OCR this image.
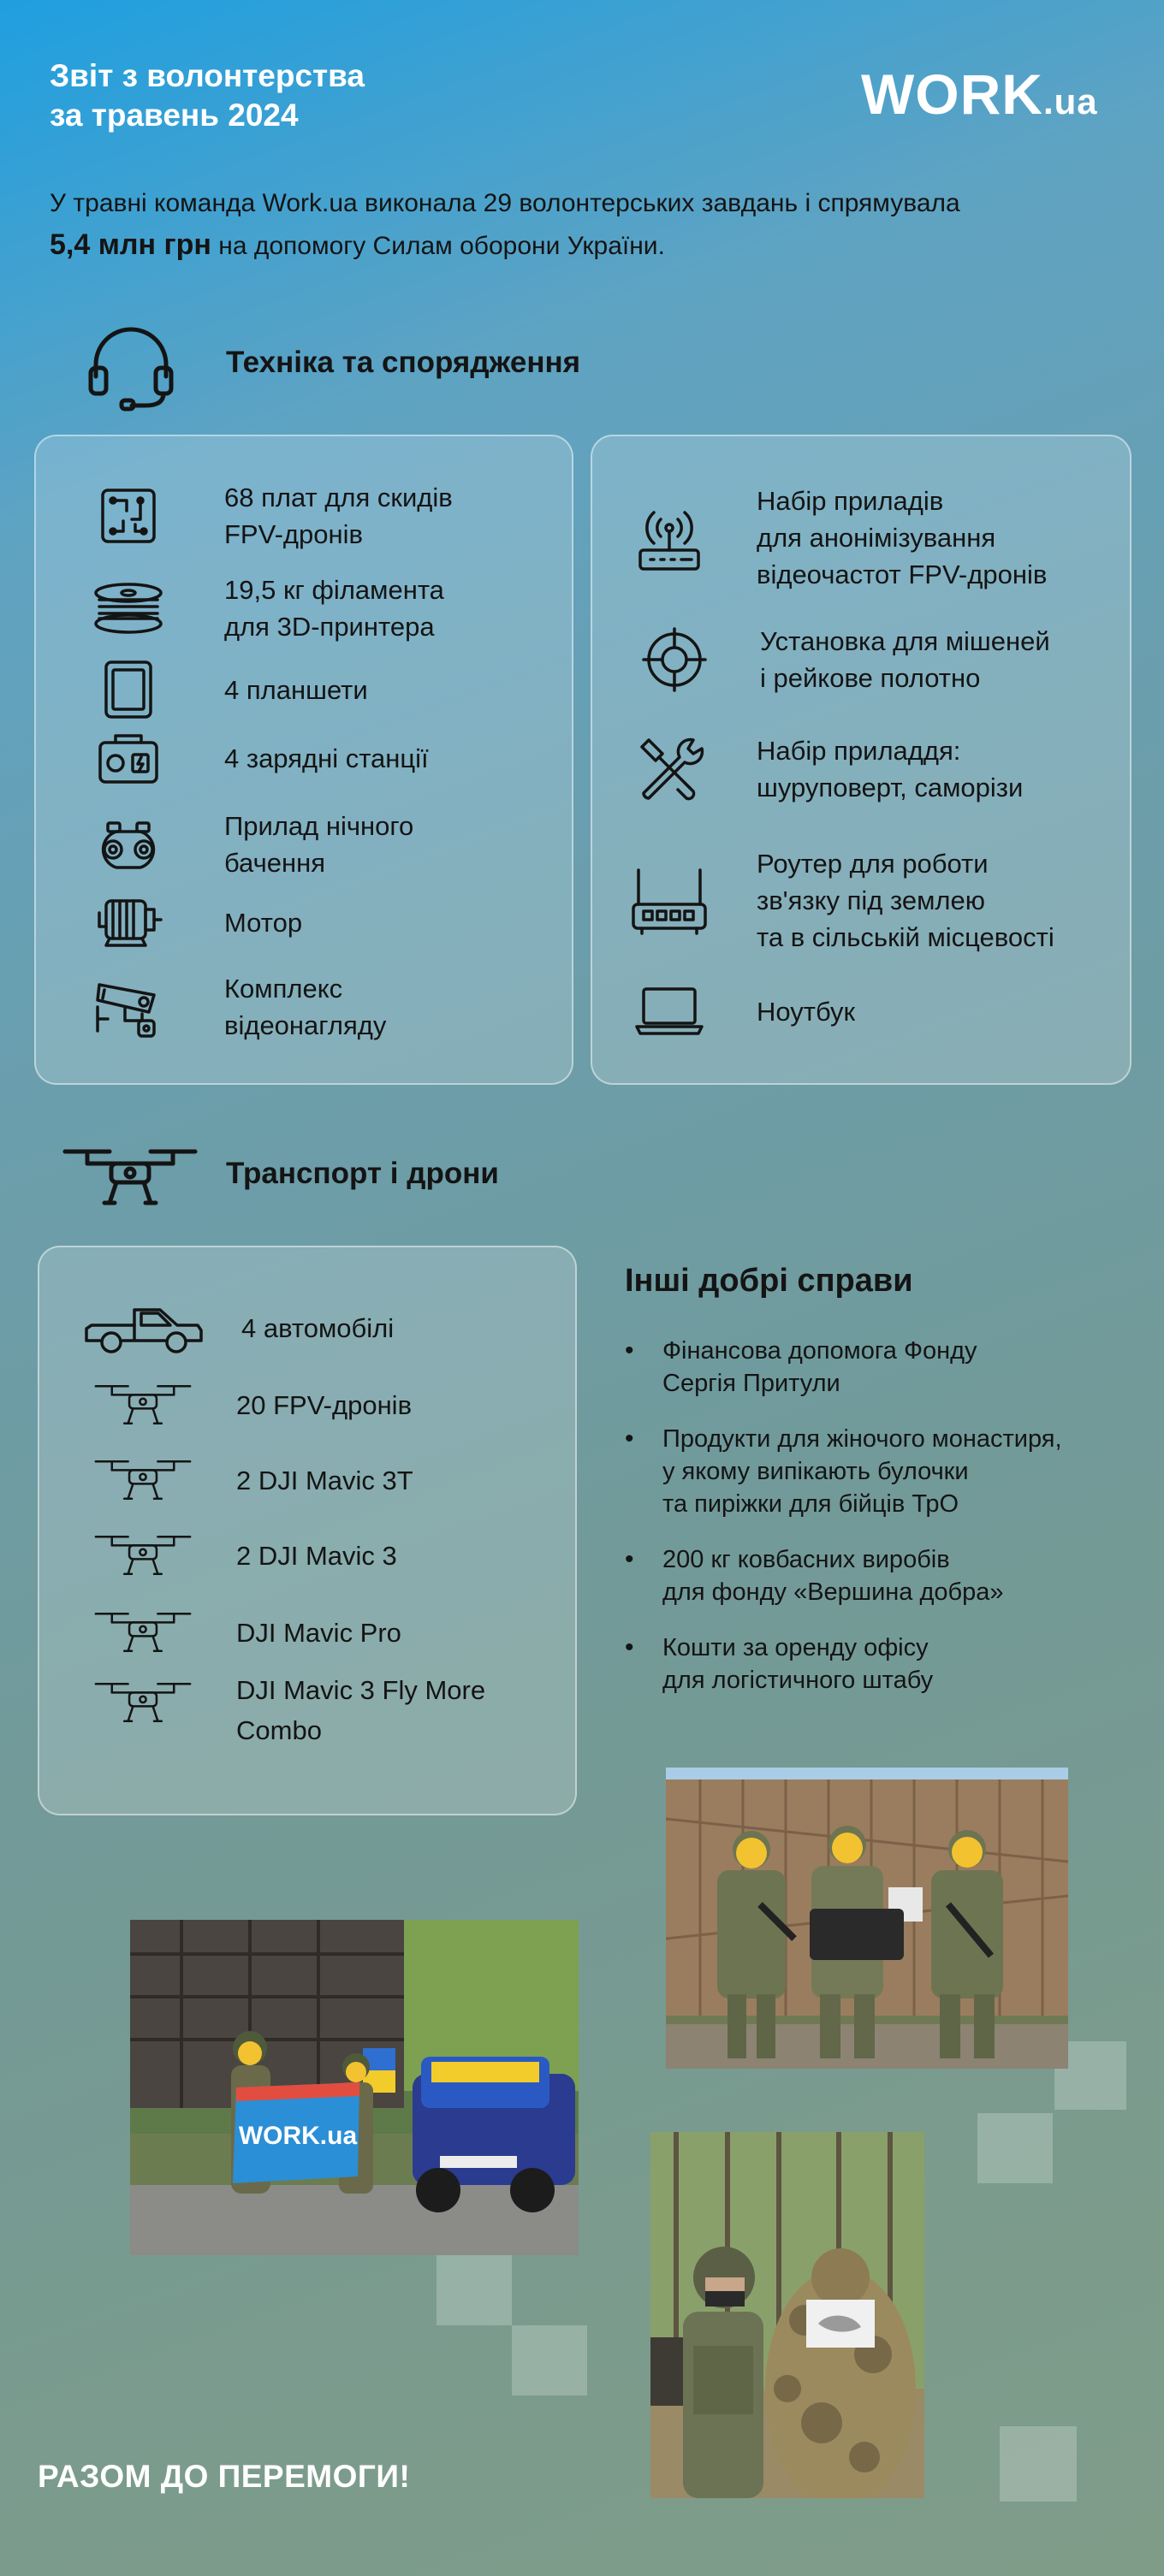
Звіт з волонтерства
за травень 2024	WORK.ua

У травні команда Work.ua виконала 29 волонтерських завдань і спрямувала
5,4 млн грн на допомогу Силам оборони України.

Техніка та спорядження
68 плат для скидів
FPV-дронів
19,5 кг філамента
для 3D-принтера
4 планшети
4 зарядні станції
Прилад нічного
бачення
Мотор
Комплекс
відеонагляду
Набір приладів
для анонімізування
відеочастот FPV-дронів
Установка для мішеней
і рейкове полотно
Набір приладдя:
шуруповерт, саморізи
Роутер для роботи
зв'язку під землею
та в сільській місцевості
Ноутбук
Транспорт і дрони
4 автомобілі
20 FPV-дронів
2 DJI Mavic 3T
2 DJI Mavic 3
DJI Mavic Pro
DJI Mavic 3 Fly More
Combo
Інші добрі справи
• Фінансова допомога Фонду
Сергія Притули
• Продукти для жіночого монастиря,
у якому випікають булочки
та пиріжки для бійців ТрО
• 200 кг ковбасних виробів
для фонду «Вершина добра»
• Кошти за оренду офісу
для логістичного штабу
WORK.ua
РАЗОМ ДО ПЕРЕМОГИ!
